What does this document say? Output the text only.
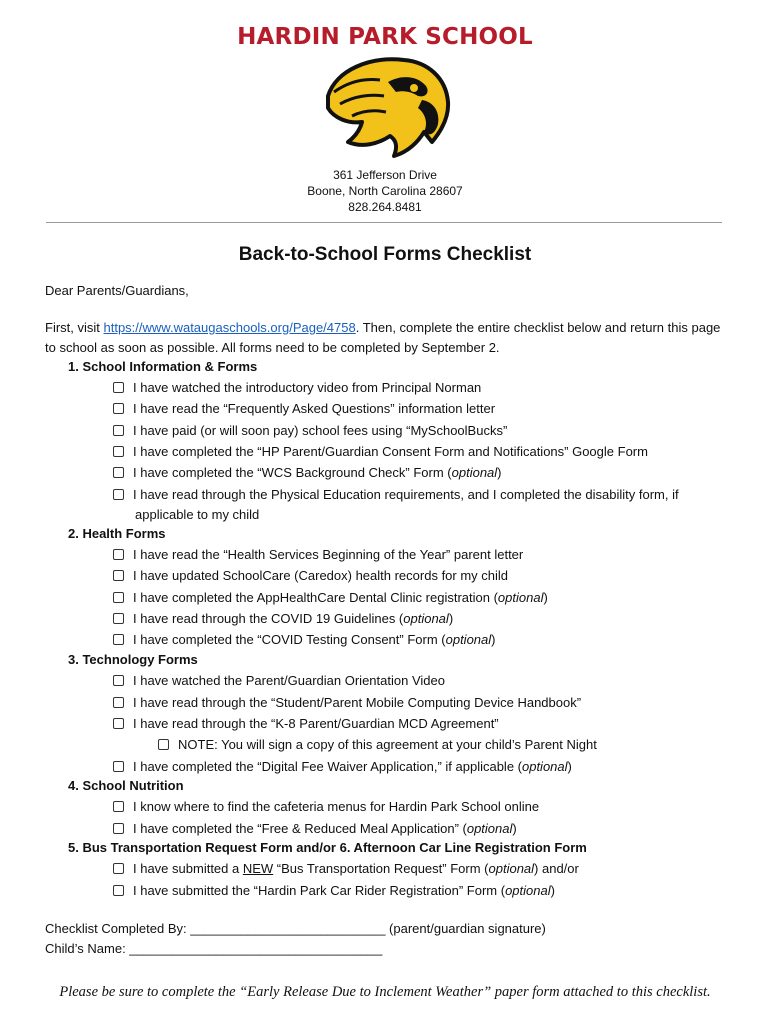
HARDIN PARK SCHOOL
361 Jefferson Drive
Boone, North Carolina 28607
828.264.8481
Back-to-School Forms Checklist
Dear Parents/Guardians,
First, visit https://www.wataugaschools.org/Page/4758. Then, complete the entire checklist below and return this page to school as soon as possible. All forms need to be completed by September 2.
1. School Information & Forms
I have watched the introductory video from Principal Norman
I have read the “Frequently Asked Questions” information letter
I have paid (or will soon pay) school fees using “MySchoolBucks”
I have completed the “HP Parent/Guardian Consent Form and Notifications” Google Form
I have completed the “WCS Background Check” Form (optional)
I have read through the Physical Education requirements, and I completed the disability form, if
applicable to my child
2. Health Forms
I have read the “Health Services Beginning of the Year” parent letter
I have updated SchoolCare (Caredox) health records for my child
I have completed the AppHealthCare Dental Clinic registration (optional)
I have read through the COVID 19 Guidelines (optional)
I have completed the “COVID Testing Consent” Form (optional)
3. Technology Forms
I have watched the Parent/Guardian Orientation Video
I have read through the “Student/Parent Mobile Computing Device Handbook”
I have read through the “K-8 Parent/Guardian MCD Agreement”
NOTE: You will sign a copy of this agreement at your child’s Parent Night
I have completed the “Digital Fee Waiver Application,” if applicable (optional)
4. School Nutrition
I know where to find the cafeteria menus for Hardin Park School online
I have completed the “Free & Reduced Meal Application” (optional)
5. Bus Transportation Request Form and/or 6. Afternoon Car Line Registration Form
I have submitted a NEW “Bus Transportation Request” Form (optional) and/or
I have submitted the “Hardin Park Car Rider Registration” Form (optional)
Checklist Completed By: ___________________________ (parent/guardian signature)
Child’s Name: ___________________________________
Please be sure to complete the “Early Release Due to Inclement Weather” paper form attached to this checklist.
